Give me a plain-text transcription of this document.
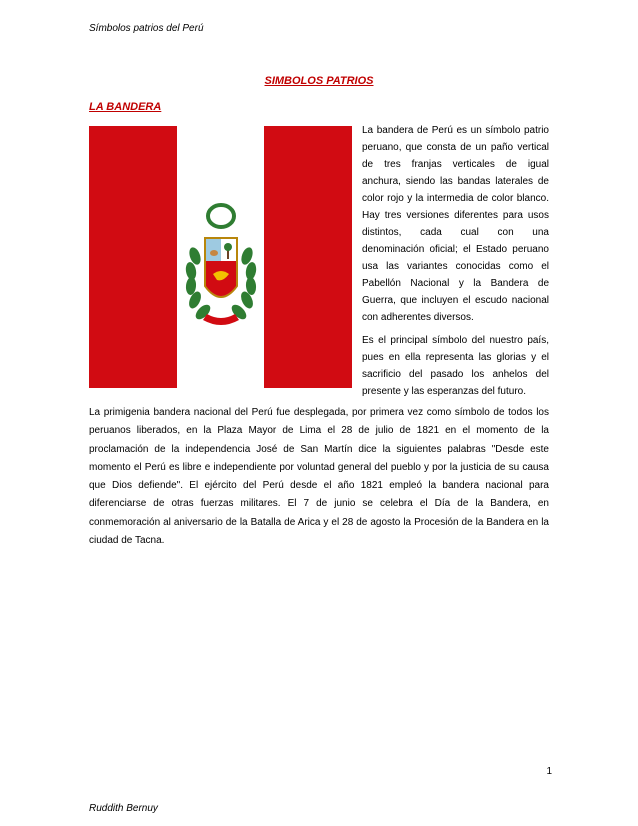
Símbolos patrios del Perú
SIMBOLOS PATRIOS
LA BANDERA

La bandera de Perú es un símbolo patrio peruano, que consta de un paño vertical de tres franjas verticales de igual anchura, siendo las bandas laterales de color rojo y la intermedia de color blanco. Hay tres versiones diferentes para usos distintos, cada cual con una denominación oficial; el Estado peruano usa las variantes conocidas como el Pabellón Nacional y la Bandera de Guerra, que incluyen el escudo nacional con adherentes diversos.

Es el principal símbolo del nuestro país, pues en ella representa las glorias y el sacrificio del pasado los anhelos del presente y las esperanzas del futuro.

La primigenia bandera nacional del Perú fue desplegada, por primera vez como símbolo de todos los peruanos liberados, en la Plaza Mayor de Lima el 28 de julio de 1821 en el momento de la proclamación de la independencia José de San Martín dice la siguientes palabras "Desde este momento el Perú es libre e independiente por voluntad general del pueblo y por la justicia de su causa que Dios defiende". El ejército del Perú desde el año 1821 empleó la bandera nacional para diferenciarse de otras fuerzas militares. El 7 de junio se celebra el Día de la Bandera, en conmemoración al aniversario de la Batalla de Arica y el 28 de agosto la Procesión de la Bandera en la ciudad de Tacna.

1
Ruddith Bernuy
